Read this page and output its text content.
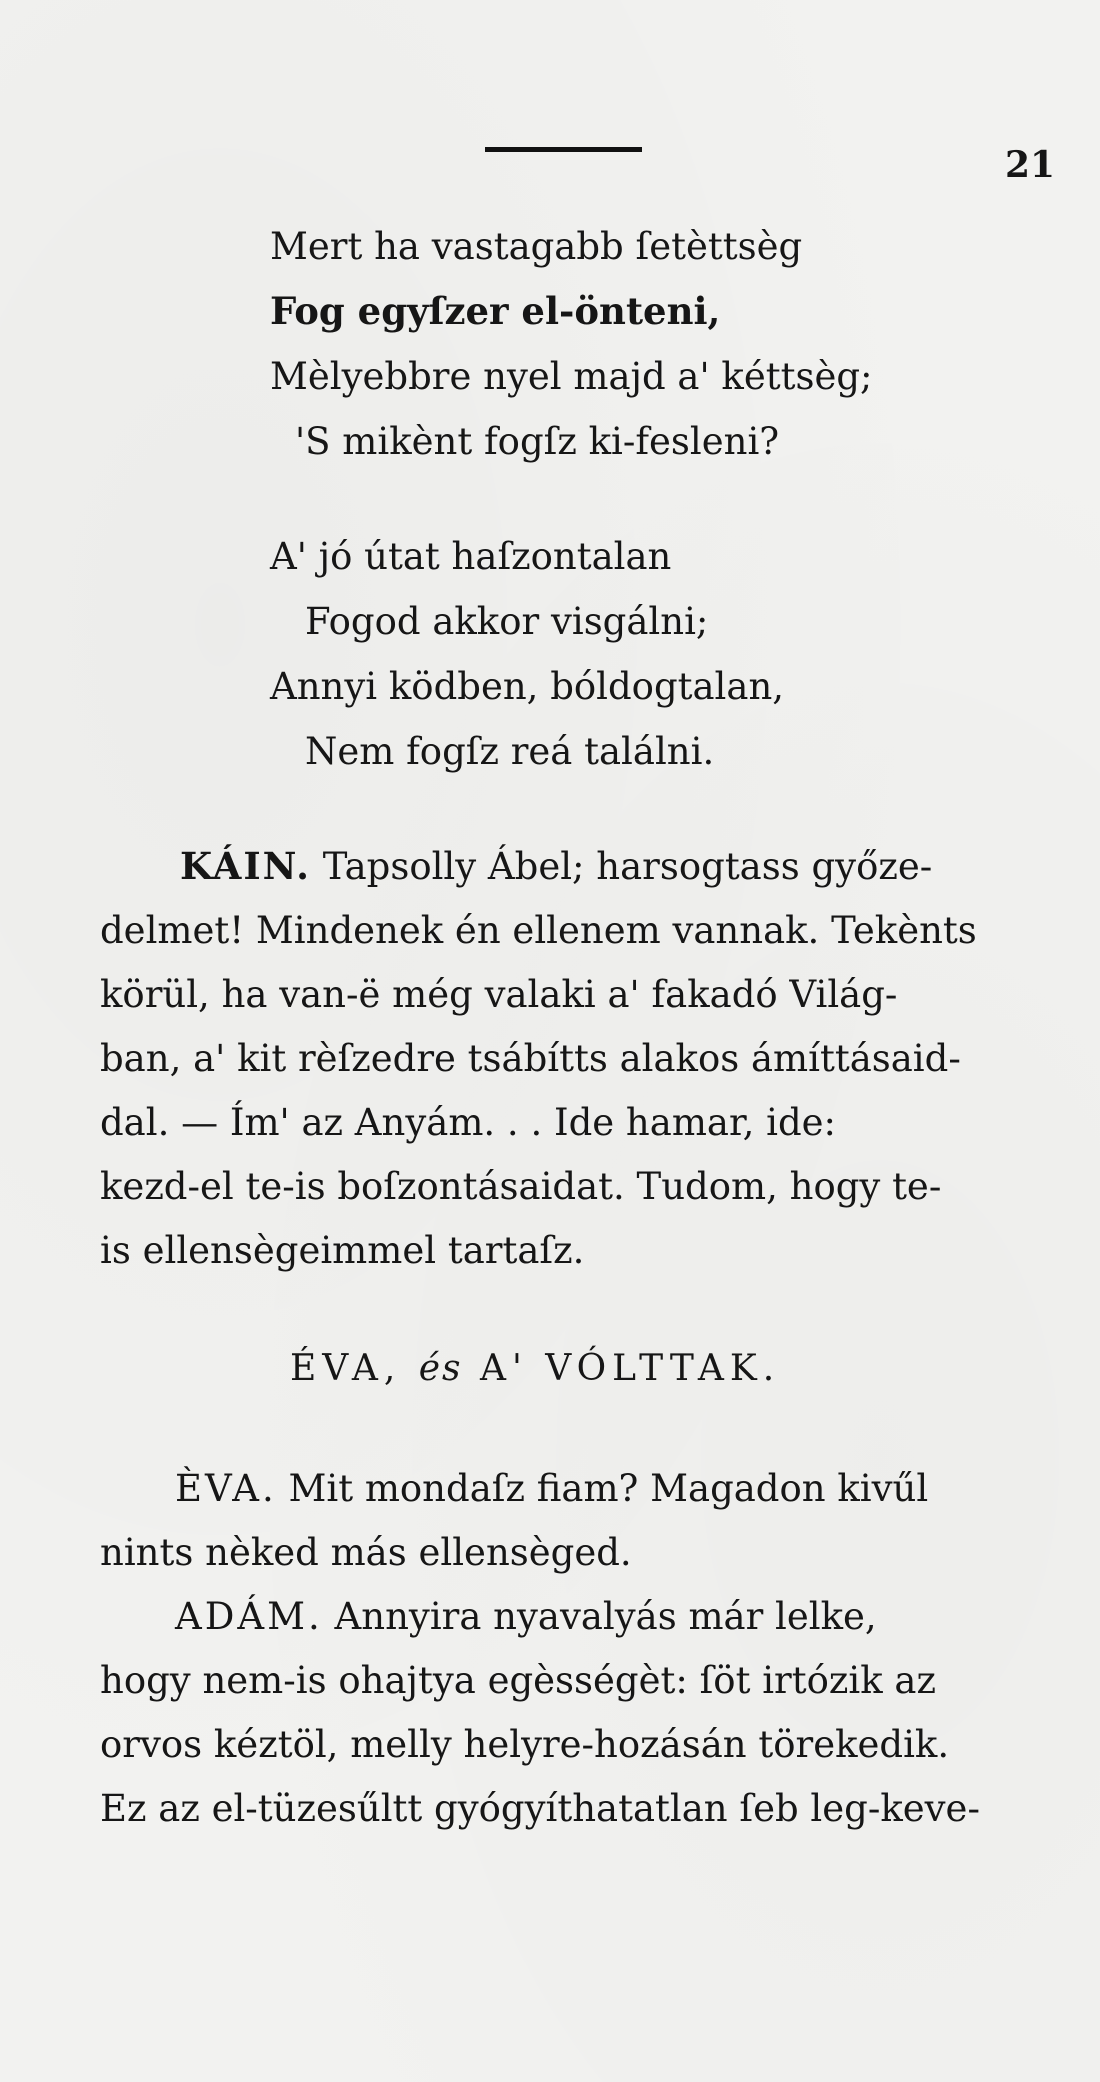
21
Mert ha vastagabb ſetèttsèg
Fog egyſzer el-önteni,
Mèlyebbre nyel majd a' kéttsèg;
'S mikènt fogſz ki-fesleni?
A' jó útat haſzontalan
Fogod akkor visgálni;
Annyi ködben, bóldogtalan,
Nem fogſz reá találni.
KÁIN. Tapsolly Ábel; harsogtass győze-
delmet! Mindenek én ellenem vannak. Tekènts
körül, ha van-ë még valaki a' fakadó Világ-
ban, a' kit rèſzedre tsábítts alakos ámíttásaid-
dal. — Ím' az Anyám. . . Ide hamar, ide:
kezd-el te-is boſzontásaidat. Tudom, hogy te-
is ellensègeimmel tartaſz.
ÉVA, és A' VÓLTTAK.
ÈVA. Mit mondaſz fiam? Magadon kivűl
nints nèked más ellensèged.
ADÁM. Annyira nyavalyás már lelke,
hogy nem-is ohajtya egèsségèt: ſöt irtózik az
orvos kéztöl, melly helyre-hozásán törekedik.
Ez az el-tüzesűltt gyógyíthatatlan ſeb leg-keve-
